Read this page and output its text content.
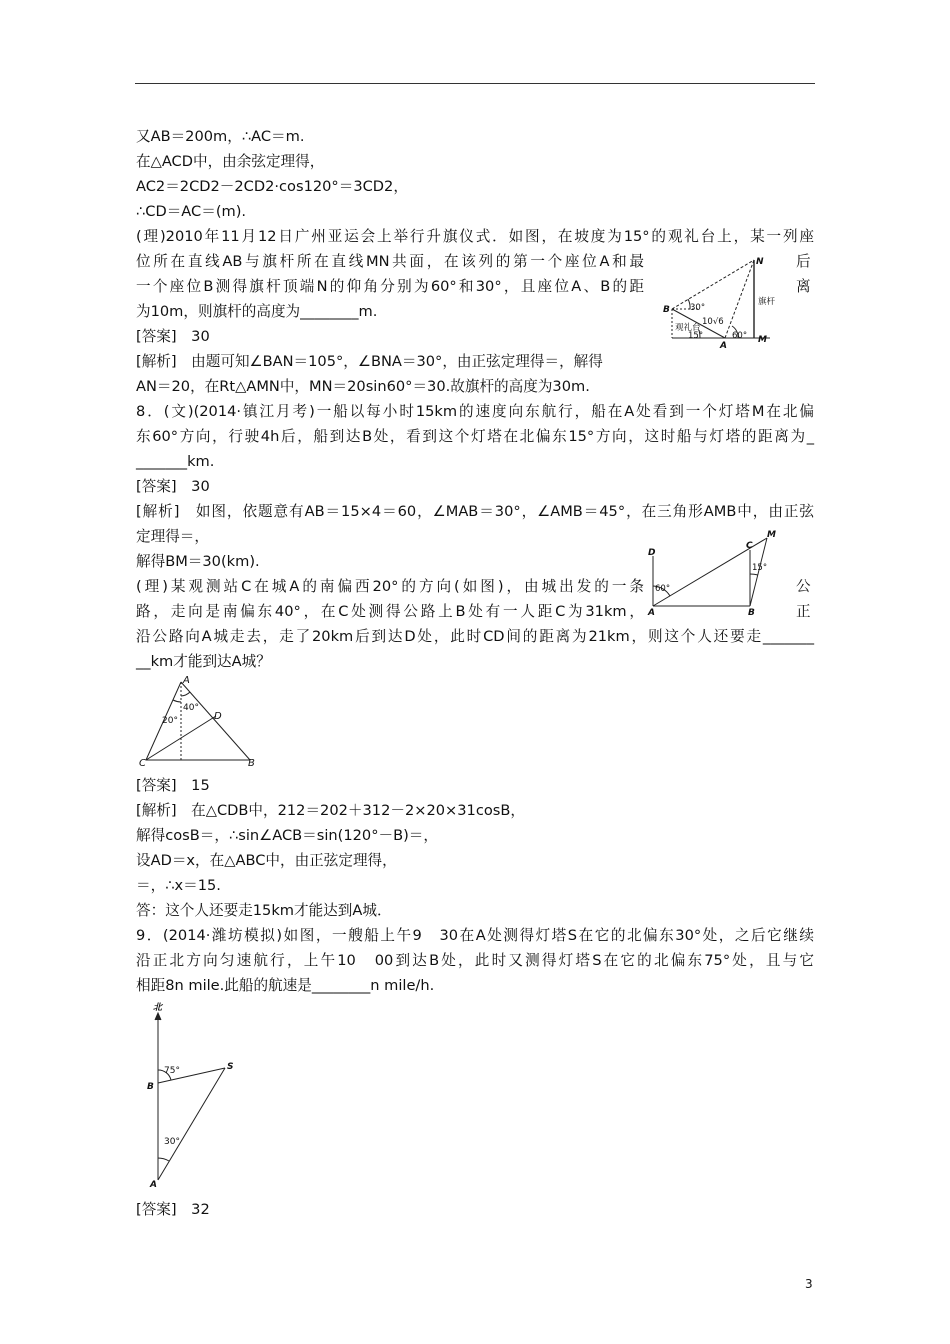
又AB＝200m，∴AC＝m.
在△ACD中，由余弦定理得，
AC2＝2CD2－2CD2·cos120°＝3CD2，
∴CD＝AC＝(m).
(理)2010年11月12日广州亚运会上举行升旗仪式．如图，在坡度为15°的观礼台上，某一列座
位所在直线AB与旗杆所在直线MN共面，在该列的第一个座位A和最	后
一个座位B测得旗杆顶端N的仰角分别为60°和30°，且座位A、B的距	离
为10m，则旗杆的高度为________m.
[答案]　30
[解析]　由题可知∠BAN＝105°，∠BNA＝30°，由正弦定理得＝，解得
AN＝20，在Rt△AMN中，MN＝20sin60°＝30.故旗杆的高度为30m.
8．(文)(2014·镇江月考)一船以每小时15km的速度向东航行，船在A处看到一个灯塔M在北偏
东60°方向，行驶4h后，船到达B处，看到这个灯塔在北偏东15°方向，这时船与灯塔的距离为_
_______km.
[答案]　30
[解析]　如图，依题意有AB＝15×4＝60，∠MAB＝30°，∠AMB＝45°，在三角形AMB中，由正弦
定理得＝，
解得BM＝30(km).
(理)某观测站C在城A的南偏西20°的方向(如图)，由城出发的一条	公
路，走向是南偏东40°，在C处测得公路上B处有一人距C为31km，	正
沿公路向A城走去，走了20km后到达D处，此时CD间的距离为21km，则这个人还要走_______
__km才能到达A城？
[答案]　15
[解析]　在△CDB中，212＝202＋312－2×20×31cosB，
解得cosB＝，∴sin∠ACB＝sin(120°－B)＝，
设AD＝x，在△ABC中，由正弦定理得，
＝，∴x＝15.
答：这个人还要走15km才能达到A城．
9．(2014·潍坊模拟)如图，一艘船上午9　30在A处测得灯塔S在它的北偏东30°处，之后它继续
沿正北方向匀速航行，上午10　00到达B处，此时又测得灯塔S在它的北偏东75°处，且与它
相距8n mile.此船的航速是________n mile/h.
[答案]　32
N
M
A
B 30°
10√6
60°
15°
旗杆
观礼台
D
C
M
A	B
60°
15°
A
D
C	B
40°
20°
北
B
S
A
75°
30°
3
